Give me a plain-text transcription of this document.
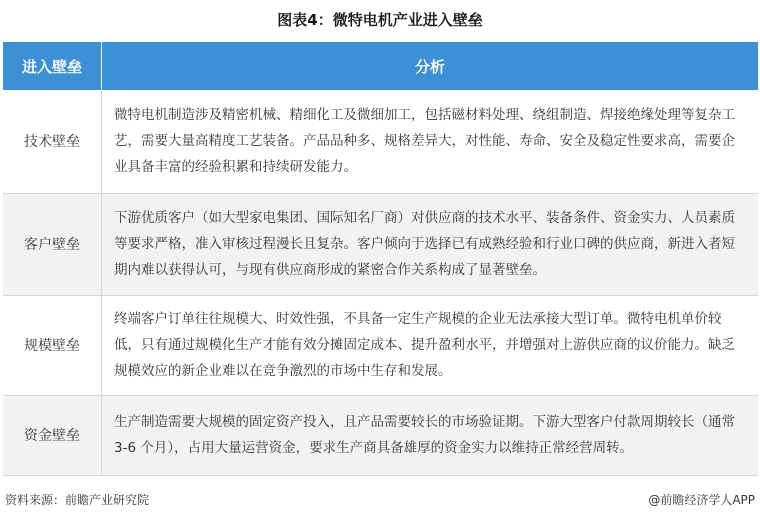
图表4：微特电机产业进入壁垒
进入壁垒	分析
技术壁垒	微特电机制造涉及精密机械、精细化工及微细加工，包括磁材料处理、绕组制造、焊接绝缘处理等复杂工艺，需要大量高精度工艺装备。产品品种多、规格差异大，对性能、寿命、安全及稳定性要求高，需要企业具备丰富的经验积累和持续研发能力。
客户壁垒	下游优质客户（如大型家电集团、国际知名厂商）对供应商的技术水平、装备条件、资金实力、人员素质等要求严格，准入审核过程漫长且复杂。客户倾向于选择已有成熟经验和行业口碑的供应商，新进入者短期内难以获得认可，与现有供应商形成的紧密合作关系构成了显著壁垒。
规模壁垒	终端客户订单往往规模大、时效性强，不具备一定生产规模的企业无法承接大型订单。微特电机单价较低，只有通过规模化生产才能有效分摊固定成本、提升盈利水平，并增强对上游供应商的议价能力。缺乏规模效应的新企业难以在竞争激烈的市场中生存和发展。
资金壁垒	生产制造需要大规模的固定资产投入，且产品需要较长的市场验证期。下游大型客户付款周期较长（通常 3-6 个月），占用大量运营资金，要求生产商具备雄厚的资金实力以维持正常经营周转。
资料来源：前瞻产业研究院	@前瞻经济学人APP
